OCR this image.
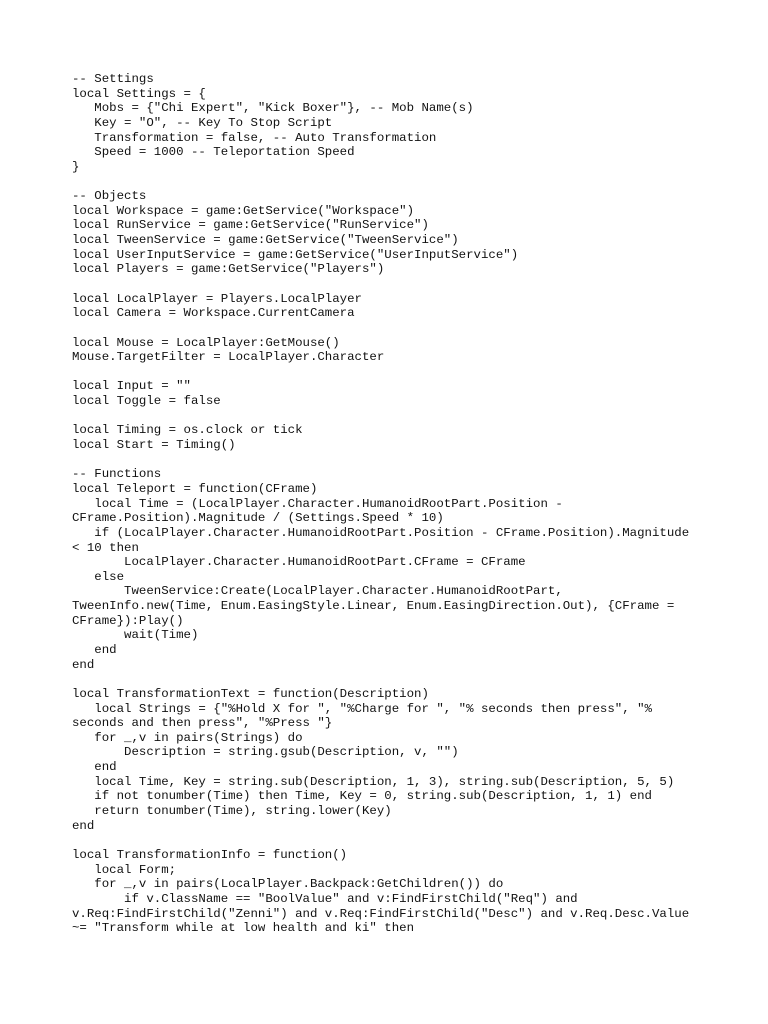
-- Settings
local Settings = {
Mobs = {"Chi Expert", "Kick Boxer"}, -- Mob Name(s)
Key = "O", -- Key To Stop Script
Transformation = false, -- Auto Transformation
Speed = 1000 -- Teleportation Speed
}
-- Objects
local Workspace = game:GetService("Workspace")
local RunService = game:GetService("RunService")
local TweenService = game:GetService("TweenService")
local UserInputService = game:GetService("UserInputService")
local Players = game:GetService("Players")
local LocalPlayer = Players.LocalPlayer
local Camera = Workspace.CurrentCamera
local Mouse = LocalPlayer:GetMouse()
Mouse.TargetFilter = LocalPlayer.Character
local Input = ""
local Toggle = false
local Timing = os.clock or tick
local Start = Timing()
-- Functions
local Teleport = function(CFrame)
local Time = (LocalPlayer.Character.HumanoidRootPart.Position -
CFrame.Position).Magnitude / (Settings.Speed * 10)
if (LocalPlayer.Character.HumanoidRootPart.Position - CFrame.Position).Magnitude
< 10 then
LocalPlayer.Character.HumanoidRootPart.CFrame = CFrame
else
TweenService:Create(LocalPlayer.Character.HumanoidRootPart,
TweenInfo.new(Time, Enum.EasingStyle.Linear, Enum.EasingDirection.Out), {CFrame =
CFrame}):Play()
wait(Time)
end
end
local TransformationText = function(Description)
local Strings = {"%Hold X for ", "%Charge for ", "% seconds then press", "%
seconds and then press", "%Press "}
for _,v in pairs(Strings) do
Description = string.gsub(Description, v, "")
end
local Time, Key = string.sub(Description, 1, 3), string.sub(Description, 5, 5)
if not tonumber(Time) then Time, Key = 0, string.sub(Description, 1, 1) end
return tonumber(Time), string.lower(Key)
end
local TransformationInfo = function()
local Form;
for _,v in pairs(LocalPlayer.Backpack:GetChildren()) do
if v.ClassName == "BoolValue" and v:FindFirstChild("Req") and
v.Req:FindFirstChild("Zenni") and v.Req:FindFirstChild("Desc") and v.Req.Desc.Value
~= "Transform while at low health and ki" then
